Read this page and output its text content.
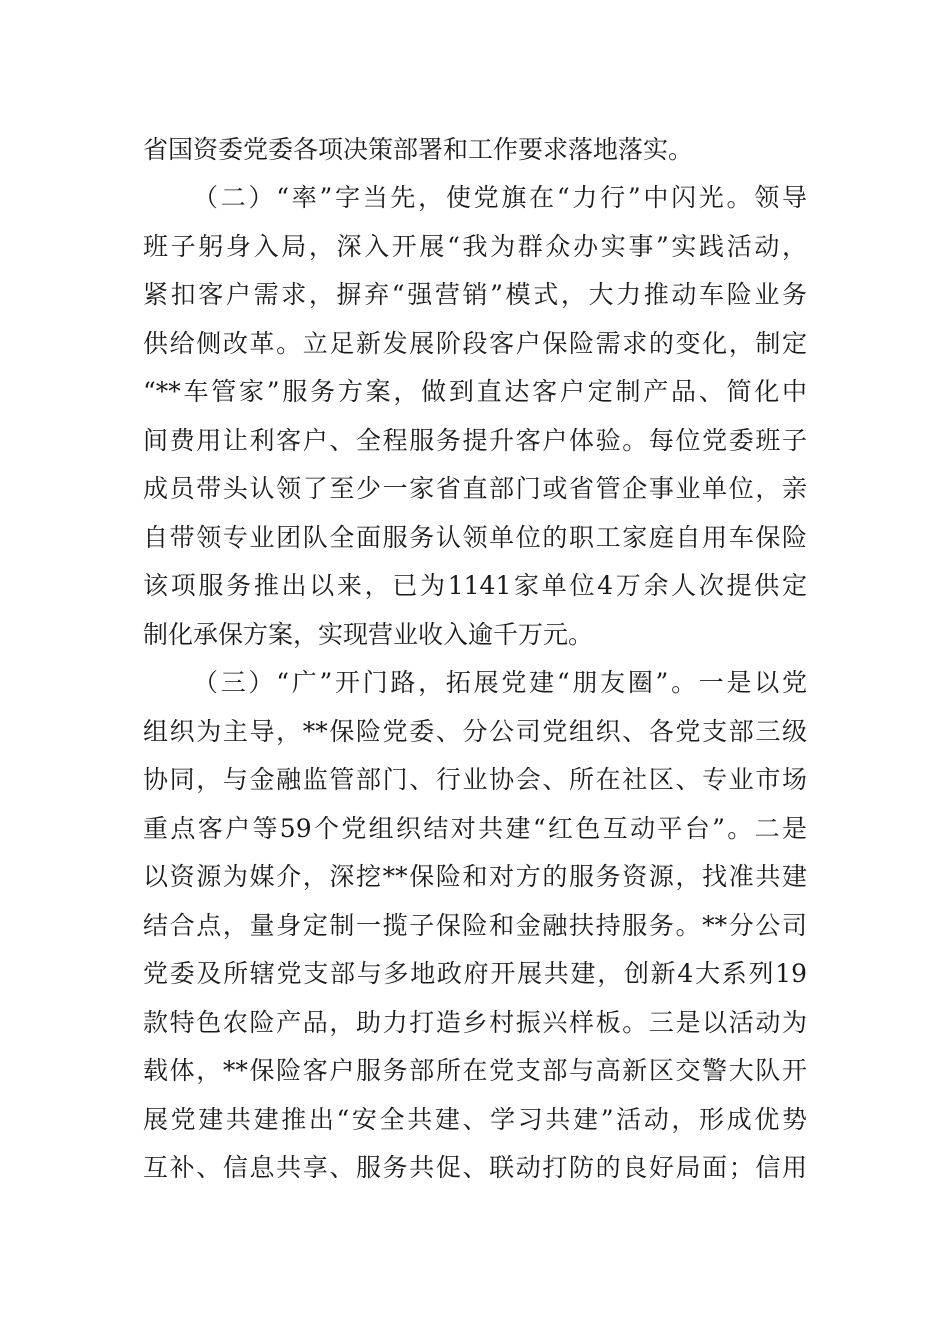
省国资委党委各项决策部署和工作要求落地落实。
（二）“率”字当先，使党旗在“力行”中闪光。领导
班子躬身入局，深入开展“我为群众办实事”实践活动，
紧扣客户需求，摒弃“强营销”模式，大力推动车险业务
供给侧改革。立足新发展阶段客户保险需求的变化，制定
“**车管家”服务方案，做到直达客户定制产品、简化中
间费用让利客户、全程服务提升客户体验。每位党委班子
成员带头认领了至少一家省直部门或省管企事业单位，亲
自带领专业团队全面服务认领单位的职工家庭自用车保险
该项服务推出以来，已为1141家单位4万余人次提供定
制化承保方案，实现营业收入逾千万元。
（三）“广”开门路，拓展党建“朋友圈”。一是以党
组织为主导，**保险党委、分公司党组织、各党支部三级
协同，与金融监管部门、行业协会、所在社区、专业市场
重点客户等59个党组织结对共建“红色互动平台”。二是
以资源为媒介，深挖**保险和对方的服务资源，找准共建
结合点，量身定制一揽子保险和金融扶持服务。**分公司
党委及所辖党支部与多地政府开展共建，创新4大系列19
款特色农险产品，助力打造乡村振兴样板。三是以活动为
载体，**保险客户服务部所在党支部与高新区交警大队开
展党建共建推出“安全共建、学习共建”活动，形成优势
互补、信息共享、服务共促、联动打防的良好局面；信用
